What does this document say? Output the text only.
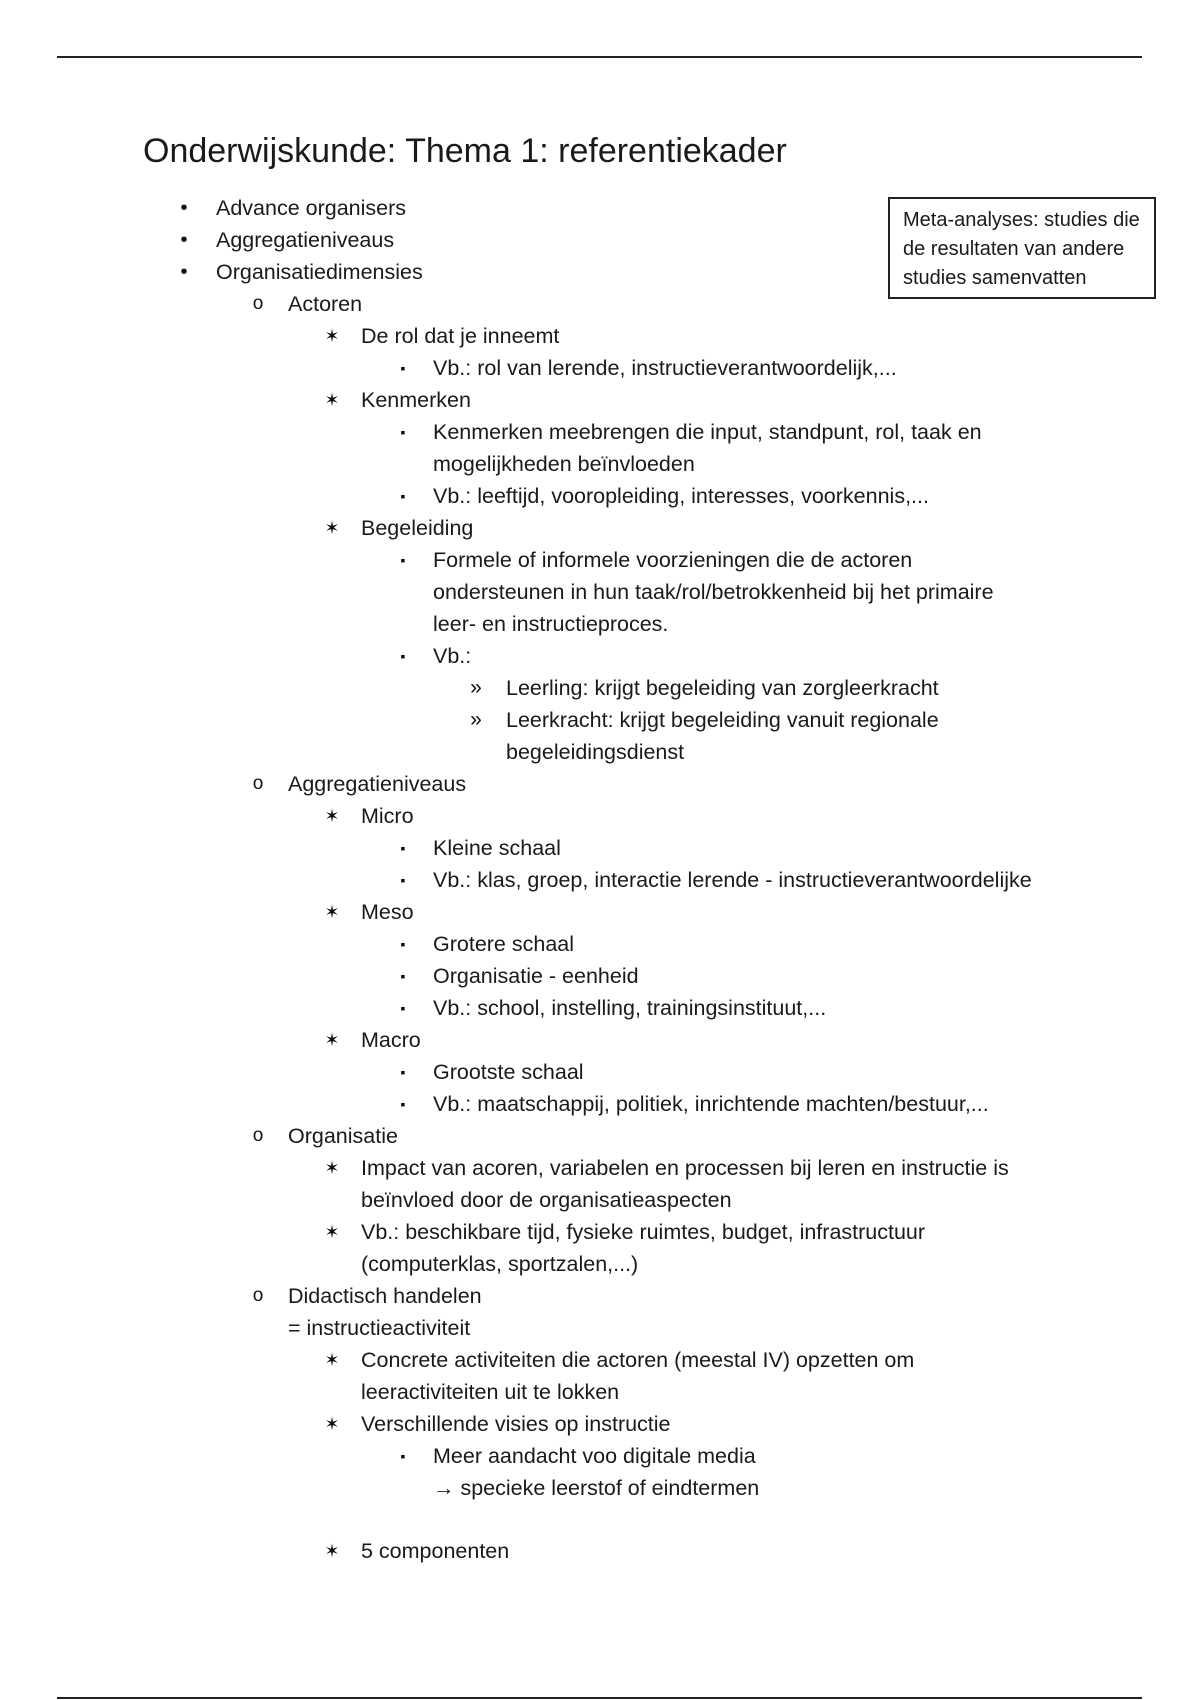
Onderwijskunde: Thema 1: referentiekader
Meta-analyses: studies die
de resultaten van andere
studies samenvatten
•	Advance organisers
•	Aggregatieniveaus
•	Organisatiedimensies
o	Actoren
✶ De rol dat je inneemt
▪	Vb.: rol van lerende, instructieverantwoordelijk,...
✶ Kenmerken
▪	Kenmerken meebrengen die input, standpunt, rol, taak en
mogelijkheden beïnvloeden
▪	Vb.: leeftijd, vooropleiding, interesses, voorkennis,...
✶ Begeleiding
▪	Formele of informele voorzieningen die de actoren
ondersteunen in hun taak/rol/betrokkenheid bij het primaire
leer- en instructieproces.
▪	Vb.:
» Leerling: krijgt begeleiding van zorgleerkracht
» Leerkracht: krijgt begeleiding vanuit regionale
begeleidingsdienst
o	Aggregatieniveaus
✶ Micro
▪	Kleine schaal
▪	Vb.: klas, groep, interactie lerende - instructieverantwoordelijke
✶ Meso
▪	Grotere schaal
▪	Organisatie - eenheid
▪	Vb.: school, instelling, trainingsinstituut,...
✶ Macro
▪	Grootste schaal
▪	Vb.: maatschappij, politiek, inrichtende machten/bestuur,...
o	Organisatie
✶ Impact van acoren, variabelen en processen bij leren en instructie is
beïnvloed door de organisatieaspecten
✶ Vb.: beschikbare tijd, fysieke ruimtes, budget, infrastructuur
(computerklas, sportzalen,...)
o	Didactisch handelen
= instructieactiviteit
✶ Concrete activiteiten die actoren (meestal IV) opzetten om
leeractiviteiten uit te lokken
✶ Verschillende visies op instructie
▪	Meer aandacht voo digitale media
→ specieke leerstof of eindtermen
✶ 5 componenten
